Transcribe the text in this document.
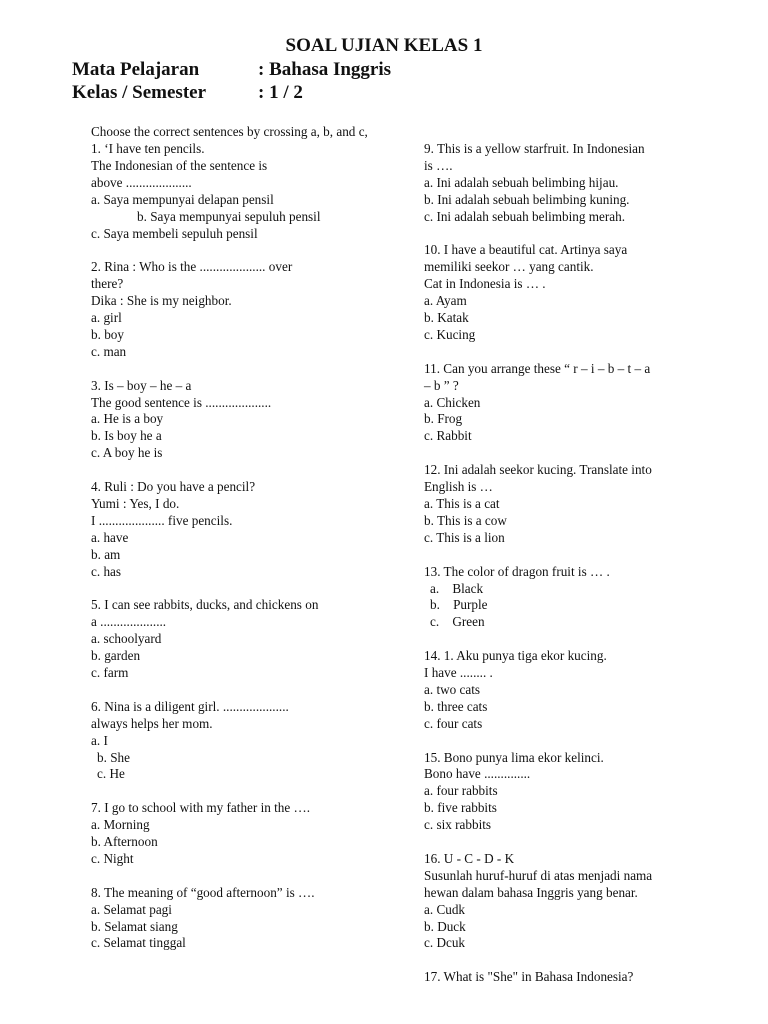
SOAL UJIAN KELAS 1
Mata Pelajaran	: Bahasa Inggris
Kelas / Semester	: 1 / 2
Choose the correct sentences by crossing a, b, and c,
1. ‘I have ten pencils.
The Indonesian of the sentence is
above ....................
a. Saya mempunyai delapan pensil
b. Saya mempunyai sepuluh pensil
c. Saya membeli sepuluh pensil
2. Rina : Who is the .................... over
there?
Dika : She is my neighbor.
a. girl
b. boy
c. man
3. Is – boy – he – a
The good sentence is ....................
a. He is a boy
b. Is boy he a
c. A boy he is
4. Ruli : Do you have a pencil?
Yumi : Yes, I do.
I .................... five pencils.
a. have
b. am
c. has
5. I can see rabbits, ducks, and chickens on
a ....................
a. schoolyard
b. garden
c. farm
6. Nina is a diligent girl. ....................
always helps her mom.
a. I
b. She
c. He
7. I go to school with my father in the ….
a. Morning
b. Afternoon
c. Night
8. The meaning of “good afternoon” is ….
a. Selamat pagi
b. Selamat siang
c. Selamat tinggal
9. This is a yellow starfruit. In Indonesian
is ….
a. Ini adalah sebuah belimbing hijau.
b. Ini adalah sebuah belimbing kuning.
c. Ini adalah sebuah belimbing merah.
10. I have a beautiful cat. Artinya saya
memiliki seekor … yang cantik.
Cat in Indonesia is … .
a. Ayam
b. Katak
c. Kucing
11. Can you arrange these “ r – i – b – t – a
– b ” ?
a. Chicken
b. Frog
c. Rabbit
12. Ini adalah seekor kucing. Translate into
English is …
a. This is a cat
b. This is a cow
c. This is a lion
13. The color of dragon fruit is … .
a.    Black
b.    Purple
c.    Green
14. 1. Aku punya tiga ekor kucing.
I have ........ .
a. two cats
b. three cats
c. four cats
15. Bono punya lima ekor kelinci.
Bono have ..............
a. four rabbits
b. five rabbits
c. six rabbits
16. U - C - D - K
Susunlah huruf-huruf di atas menjadi nama
hewan dalam bahasa Inggris yang benar.
a. Cudk
b. Duck
c. Dcuk
17. What is "She" in Bahasa Indonesia?
